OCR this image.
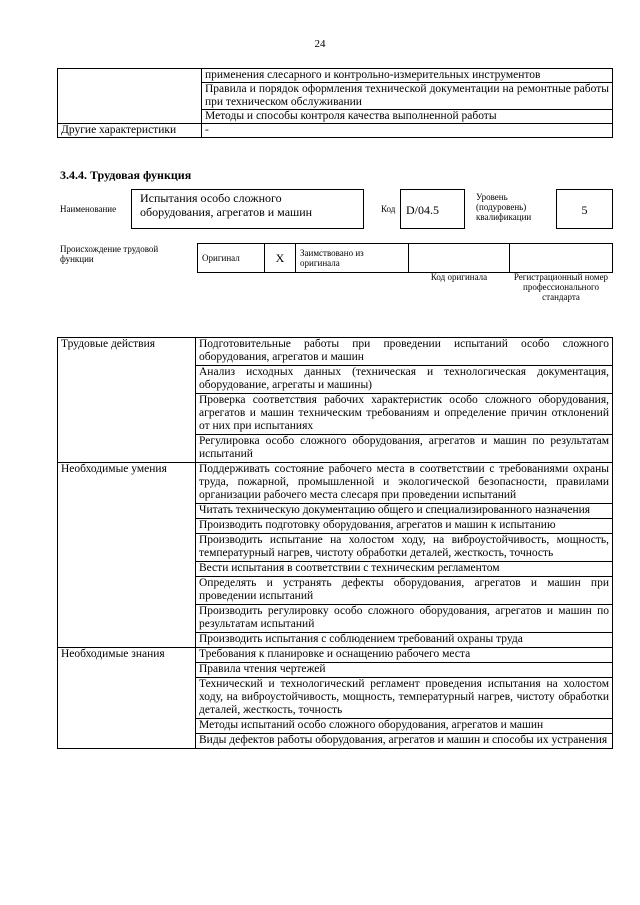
24
	применения слесарного и контрольно-измерительных инструментов
	Правила и порядок оформления технической документации на ремонтные работы при техническом обслуживании
	Методы и способы контроля качества выполненной работы
Другие характеристики	-
3.4.4. Трудовая функция
Наименование
Испытания особо сложного оборудования, агрегатов и машин	Код D/04.5
Уровень (подуровень) квалификации	5
Происхождение трудовой функции	Оригинал	X	Заимствовано из оригинала		
Код оригинала	Регистрационный номер профессионального стандарта
Трудовые действия	Подготовительные работы при проведении испытаний особо сложного оборудования, агрегатов и машин
	Анализ исходных данных (техническая и технологическая документация, оборудование, агрегаты и машины)
	Проверка соответствия рабочих характеристик особо сложного оборудования, агрегатов и машин техническим требованиям и определение причин отклонений от них при испытаниях
	Регулировка особо сложного оборудования, агрегатов и машин по результатам испытаний
Необходимые умения	Поддерживать состояние рабочего места в соответствии с требованиями охраны труда, пожарной, промышленной и экологической безопасности, правилами организации рабочего места слесаря при проведении испытаний
	Читать техническую документацию общего и специализированного назначения
	Производить подготовку оборудования, агрегатов и машин к испытанию
	Производить испытание на холостом ходу, на виброустойчивость, мощность, температурный нагрев, чистоту обработки деталей, жесткость, точность
	Вести испытания в соответствии с техническим регламентом
	Определять и устранять дефекты оборудования, агрегатов и машин при проведении испытаний
	Производить регулировку особо сложного оборудования, агрегатов и машин по результатам испытаний
	Производить испытания с соблюдением требований охраны труда
Необходимые знания	Требования к планировке и оснащению рабочего места
	Правила чтения чертежей
	Технический и технологический регламент проведения испытания на холостом ходу, на виброустойчивость, мощность, температурный нагрев, чистоту обработки деталей, жесткость, точность
	Методы испытаний особо сложного оборудования, агрегатов и машин
	Виды дефектов работы оборудования, агрегатов и машин и способы их устранения
